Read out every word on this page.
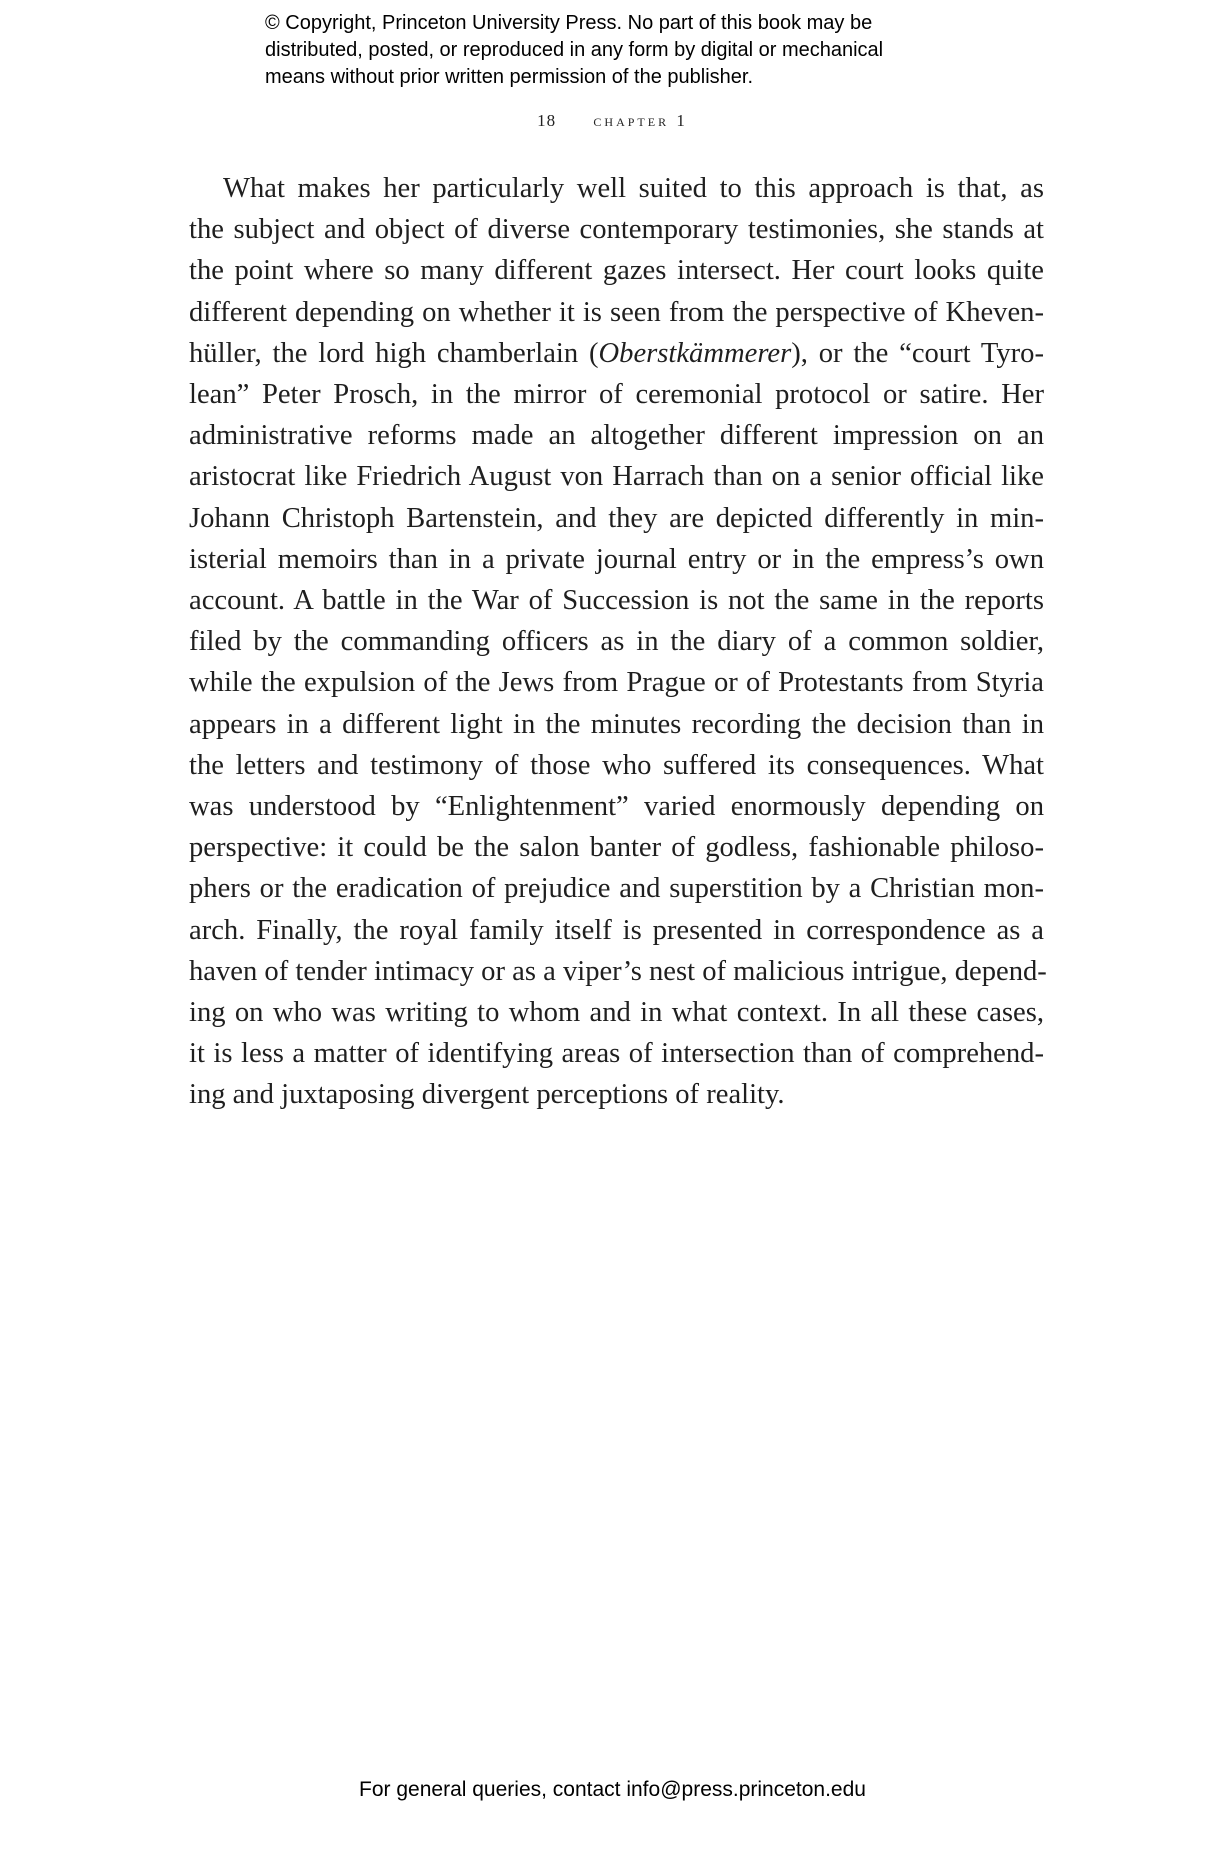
© Copyright, Princeton University Press. No part of this book may be
distributed, posted, or reproduced in any form by digital or mechanical
means without prior written permission of the publisher.
18 chapter 1
What makes her particularly well suited to this approach is that, as
the subject and object of diverse contemporary testimonies, she stands at
the point where so many different gazes intersect. Her court looks quite
different depending on whether it is seen from the perspective of Kheven-
hüller, the lord high chamberlain (Oberstkämmerer), or the “court Tyro-
lean” Peter Prosch, in the mirror of ceremonial protocol or satire. Her
administrative reforms made an altogether different impression on an
aristocrat like Friedrich August von Harrach than on a senior official like
Johann Christoph Bartenstein, and they are depicted differently in min-
isterial memoirs than in a private journal entry or in the empress’s own
account. A battle in the War of Succession is not the same in the reports
filed by the commanding officers as in the diary of a common soldier,
while the expulsion of the Jews from Prague or of Protestants from Styria
appears in a different light in the minutes recording the decision than in
the letters and testimony of those who suffered its consequences. What
was understood by “Enlightenment” varied enormously depending on
perspective: it could be the salon banter of godless, fashionable philoso-
phers or the eradication of prejudice and superstition by a Christian mon-
arch. Finally, the royal family itself is presented in correspondence as a
haven of tender intimacy or as a viper’s nest of malicious intrigue, depend-
ing on who was writing to whom and in what context. In all these cases,
it is less a matter of identifying areas of intersection than of comprehend-
ing and juxtaposing divergent perceptions of reality.
For general queries, contact info@press.princeton.edu
